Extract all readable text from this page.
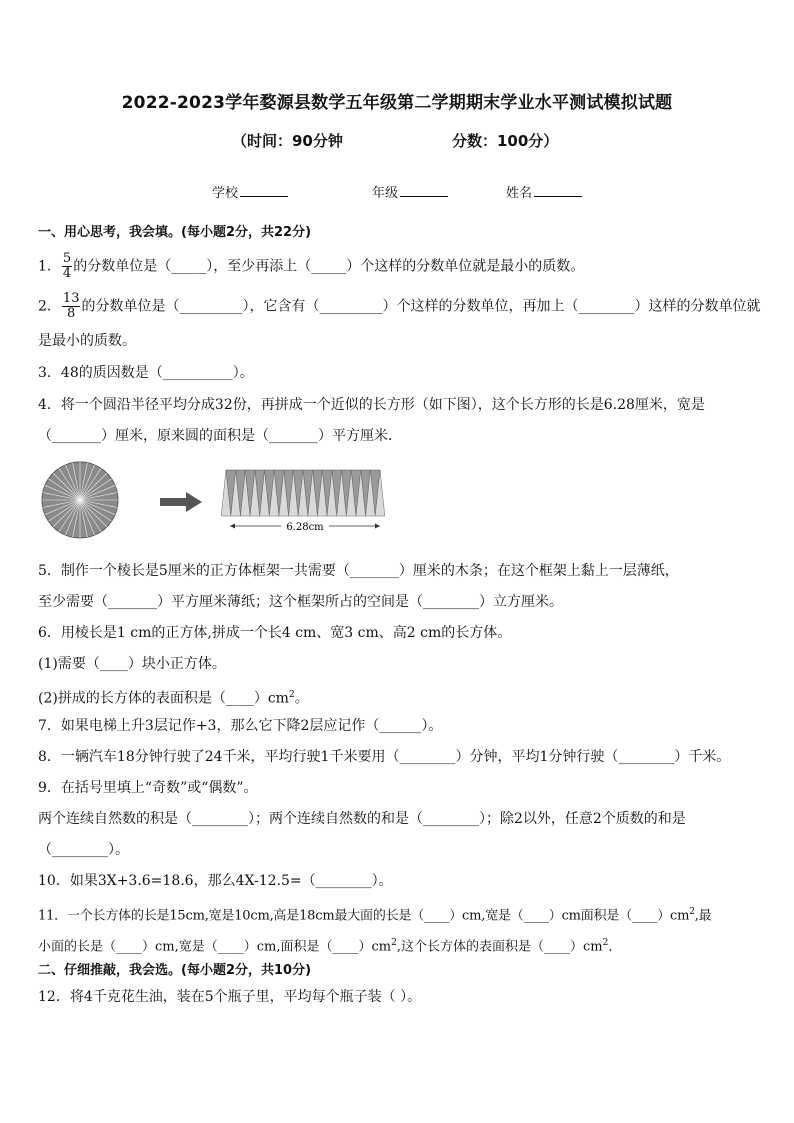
2022-2023学年婺源县数学五年级第二学期期末学业水平测试模拟试题
（时间：90分钟	分数：100分）
学校	年级	姓名
一、用心思考，我会填。(每小题2分，共22分)
1． $\frac{5}{4}$ 的分数单位是（_____），至少再添上（_____）个这样的分数单位就是最小的质数。
2． $\frac{13}{8}$ 的分数单位是（_________），它含有（_________）个这样的分数单位，再加上（________）这样的分数单位就
是最小的质数。
3．48的质因数是（__________）。
4．将一个圆沿半径平均分成32份，再拼成一个近似的长方形（如下图），这个长方形的长是6.28厘米，宽是
（_______）厘米，原来圆的面积是（_______）平方厘米．
6.28cm
5．制作一个棱长是5厘米的正方体框架一共需要（_______）厘米的木条；在这个框架上黏上一层薄纸，
至少需要（_______）平方厘米薄纸；这个框架所占的空间是（________）立方厘米。
6．用棱长是1 cm的正方体,拼成一个长4 cm、宽3 cm、高2 cm的长方体。
(1)需要（____）块小正方体。
(2)拼成的长方体的表面积是$(\_\_\_\_)cm^2$。
7．如果电梯上升3层记作+3，那么它下降2层应记作（______）。
8．一辆汽车18分钟行驶了24千米，平均行驶1千米要用（________）分钟，平均1分钟行驶（________）千米。
9．在括号里填上“奇数”或“偶数”。
两个连续自然数的积是（________）；两个连续自然数的和是（________）；除2以外，任意2个质数的和是
（________）。
10．如果3X+3.6=18.6，那么4X-12.5=（________）。
11．一个长方体的长是15cm,宽是10cm,高是18cm最大面的长是（____）cm,宽是（____）cm面积是$(\_\_\_\_)cm^2$,最
小面的长是（____）cm,宽是（____）cm,面积是$(\_\_\_\_)cm^2$,这个长方体的表面积是$(\_\_\_\_)cm^2$．
二、仔细推敲，我会选。(每小题2分，共10分)
12．将4千克花生油，装在5个瓶子里，平均每个瓶子装（ ）。
